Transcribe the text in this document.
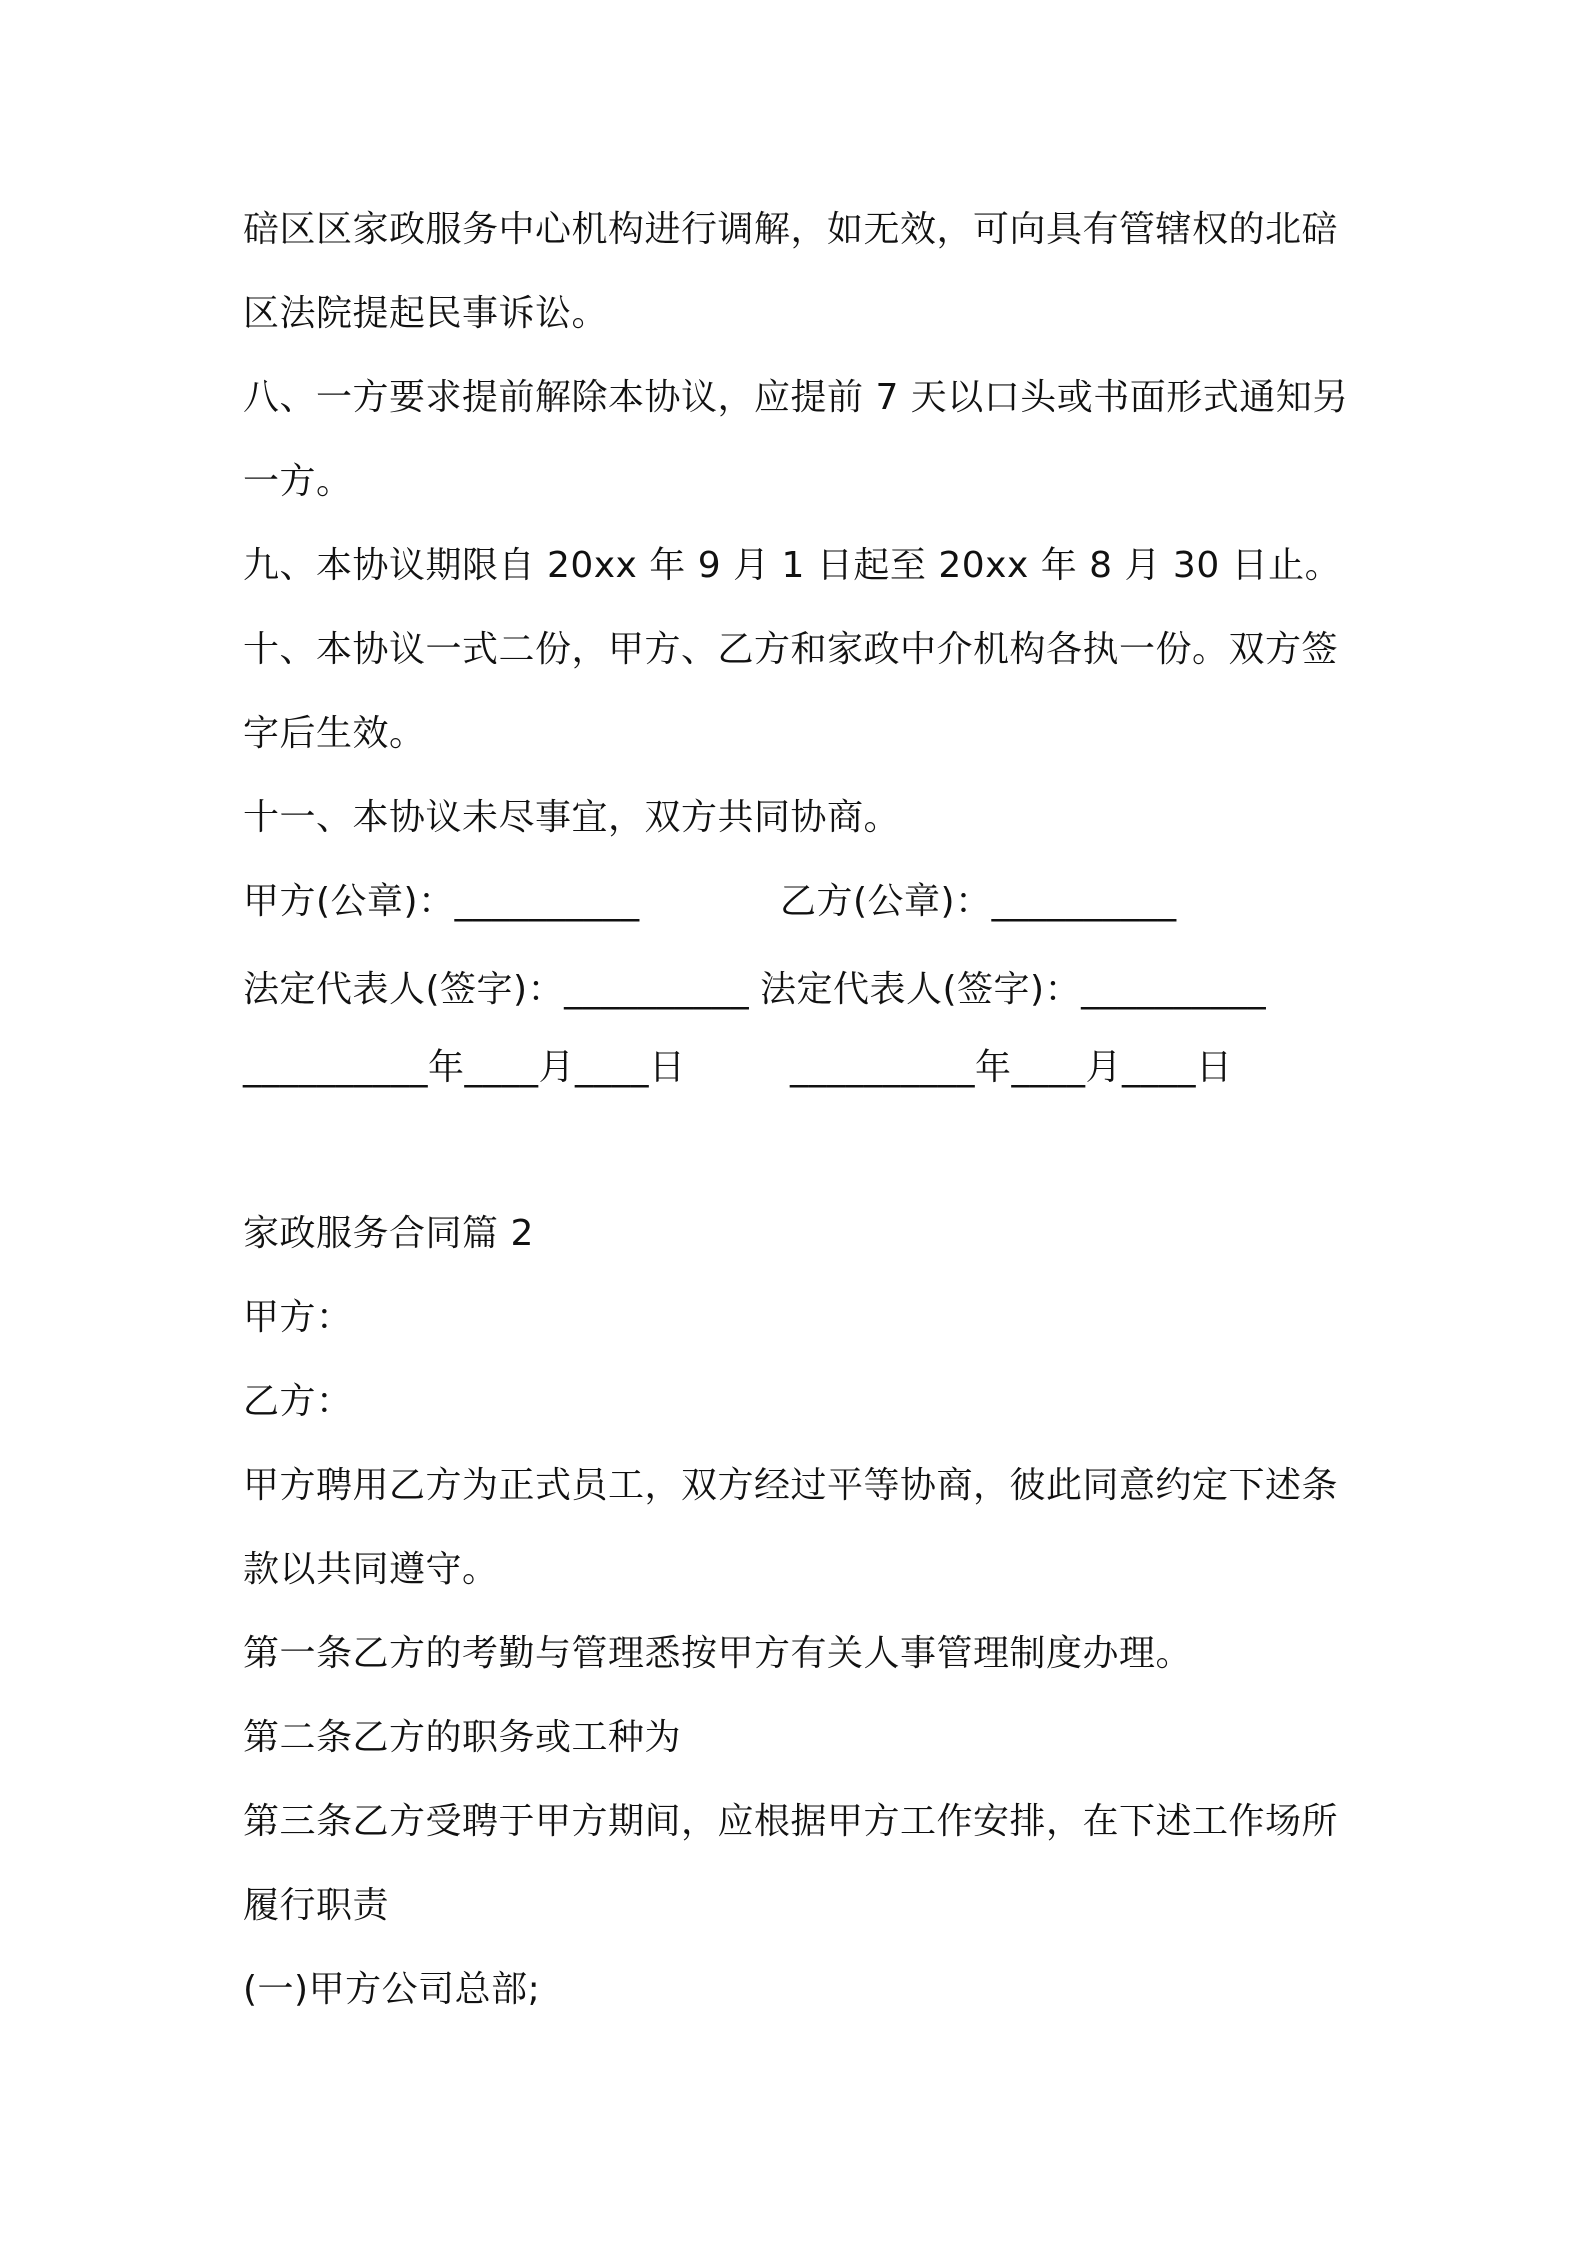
碚区区家政服务中心机构进行调解，如无效，可向具有管辖权的北碚

区法院提起民事诉讼。

八、一方要求提前解除本协议，应提前 7 天以口头或书面形式通知另

一方。

九、本协议期限自 20xx 年 9 月 1 日起至 20xx 年 8 月 30 日止。

十、本协议一式二份，甲方、乙方和家政中介机构各执一份。双方签

字后生效。

十一、本协议未尽事宜，双方共同协商。

甲方(公章)：__________	乙方(公章)：__________

法定代表人(签字)：__________ 法定代表人(签字)：__________

__________年____月____日	__________年____月____日

家政服务合同篇 2

甲方：

乙方：

甲方聘用乙方为正式员工，双方经过平等协商，彼此同意约定下述条

款以共同遵守。

第一条乙方的考勤与管理悉按甲方有关人事管理制度办理。

第二条乙方的职务或工种为

第三条乙方受聘于甲方期间，应根据甲方工作安排，在下述工作场所

履行职责

(一)甲方公司总部;
